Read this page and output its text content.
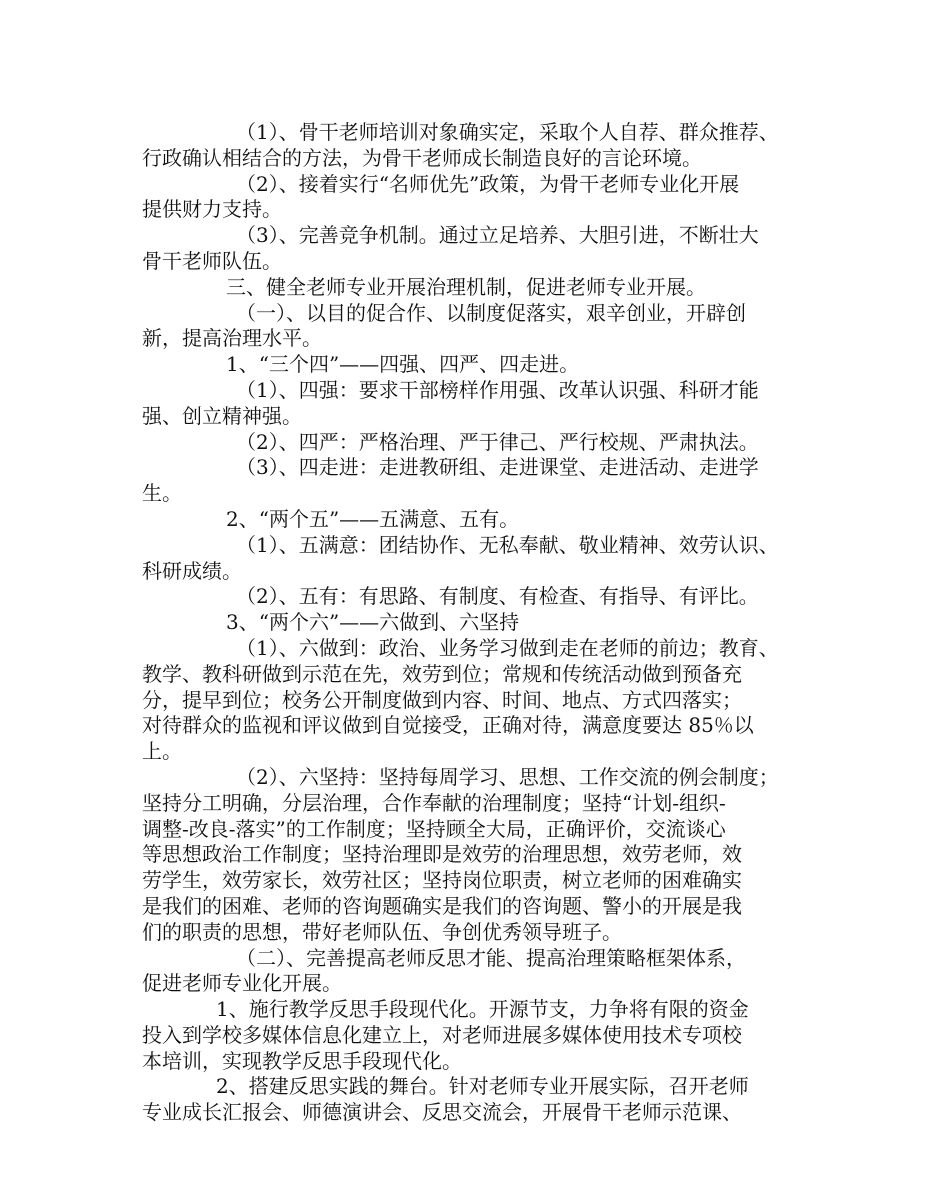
（1）、骨干老师培训对象确实定，采取个人自荐、群众推荐、
行政确认相结合的方法，为骨干老师成长制造良好的言论环境。
（2）、接着实行“名师优先”政策，为骨干老师专业化开展
提供财力支持。
（3）、完善竞争机制。通过立足培养、大胆引进，不断壮大
骨干老师队伍。
三、健全老师专业开展治理机制，促进老师专业开展。
（一）、以目的促合作、以制度促落实，艰辛创业，开辟创
新，提高治理水平。
1、“三个四”——四强、四严、四走进。
（1）、四强：要求干部榜样作用强、改革认识强、科研才能
强、创立精神强。
（2）、四严：严格治理、严于律己、严行校规、严肃执法。
（3）、四走进：走进教研组、走进课堂、走进活动、走进学
生。
2、“两个五”——五满意、五有。
（1）、五满意：团结协作、无私奉献、敬业精神、效劳认识、
科研成绩。
（2）、五有：有思路、有制度、有检查、有指导、有评比。
3、“两个六”——六做到、六坚持
（1）、六做到：政治、业务学习做到走在老师的前边；教育、
教学、教科研做到示范在先，效劳到位；常规和传统活动做到预备充
分，提早到位；校务公开制度做到内容、时间、地点、方式四落实；
对待群众的监视和评议做到自觉接受，正确对待，满意度要达 85％以
上。
（2）、六坚持：坚持每周学习、思想、工作交流的例会制度；
坚持分工明确，分层治理，合作奉献的治理制度；坚持“计划-组织-
调整-改良-落实”的工作制度；坚持顾全大局，正确评价，交流谈心
等思想政治工作制度；坚持治理即是效劳的治理思想，效劳老师，效
劳学生，效劳家长，效劳社区；坚持岗位职责，树立老师的困难确实
是我们的困难、老师的咨询题确实是我们的咨询题、警小的开展是我
们的职责的思想，带好老师队伍、争创优秀领导班子。
（二）、完善提高老师反思才能、提高治理策略框架体系，
促进老师专业化开展。
1、施行教学反思手段现代化。开源节支，力争将有限的资金
投入到学校多媒体信息化建立上，对老师进展多媒体使用技术专项校
本培训，实现教学反思手段现代化。
2、搭建反思实践的舞台。针对老师专业开展实际，召开老师
专业成长汇报会、师德演讲会、反思交流会，开展骨干老师示范课、
